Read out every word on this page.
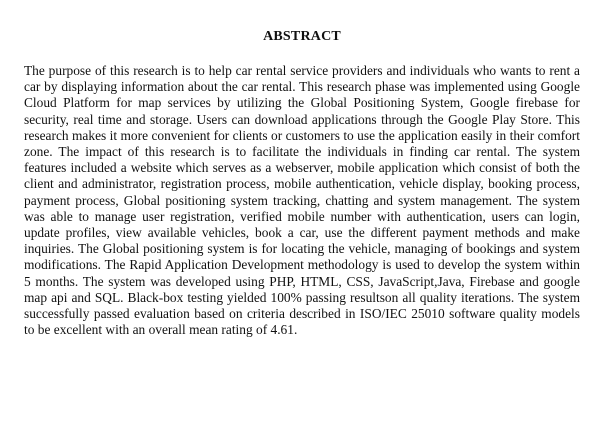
ABSTRACT

The purpose of this research is to help car rental service providers and individuals who wants to rent a car by displaying information about the car rental. This research phase was implemented using Google Cloud Platform for map services by utilizing the Global Positioning System, Google firebase for security, real time and storage. Users can download applications through the Google Play Store. This research makes it more convenient for clients or customers to use the application easily in their comfort zone. The impact of this research is to facilitate the individuals in finding car rental. The system features included a website which serves as a webserver, mobile application which consist of both the client and administrator, registration process, mobile authentication, vehicle display, booking process, payment process, Global positioning system tracking, chatting and system management. The system was able to manage user registration, verified mobile number with authentication, users can login, update profiles, view available vehicles, book a car, use the different payment methods and make inquiries. The Global positioning system is for locating the vehicle, managing of bookings and system modifications. The Rapid Application Development methodology is used to develop the system within 5 months. The system was developed using PHP, HTML, CSS, JavaScript,Java, Firebase and google map api and SQL. Black-box testing yielded 100% passing resultson all quality iterations. The system successfully passed evaluation based on criteria described in ISO/IEC 25010 software quality models to be excellent with an overall mean rating of 4.61.
